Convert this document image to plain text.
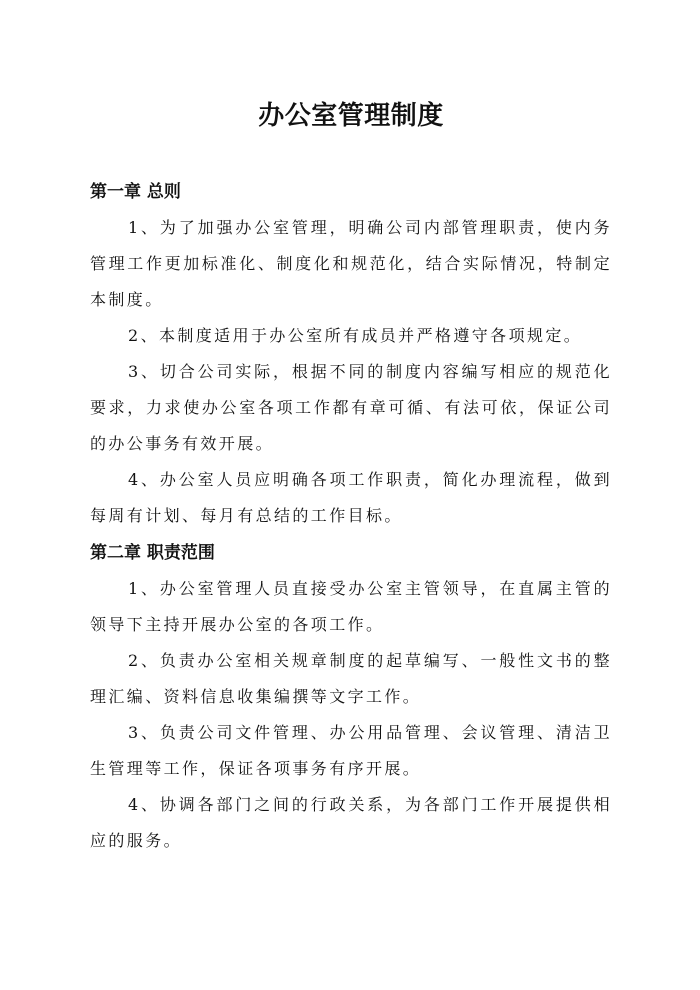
办公室管理制度
第一章 总则

1、为了加强办公室管理，明确公司内部管理职责，使内务管理工作更加标准化、制度化和规范化，结合实际情况，特制定本制度。

2、本制度适用于办公室所有成员并严格遵守各项规定。

3、切合公司实际，根据不同的制度内容编写相应的规范化要求，力求使办公室各项工作都有章可循、有法可依，保证公司的办公事务有效开展。

4、办公室人员应明确各项工作职责，简化办理流程，做到每周有计划、每月有总结的工作目标。

第二章 职责范围

1、办公室管理人员直接受办公室主管领导，在直属主管的领导下主持开展办公室的各项工作。

2、负责办公室相关规章制度的起草编写、一般性文书的整理汇编、资料信息收集编撰等文字工作。

3、负责公司文件管理、办公用品管理、会议管理、清洁卫生管理等工作，保证各项事务有序开展。

4、协调各部门之间的行政关系，为各部门工作开展提供相应的服务。
